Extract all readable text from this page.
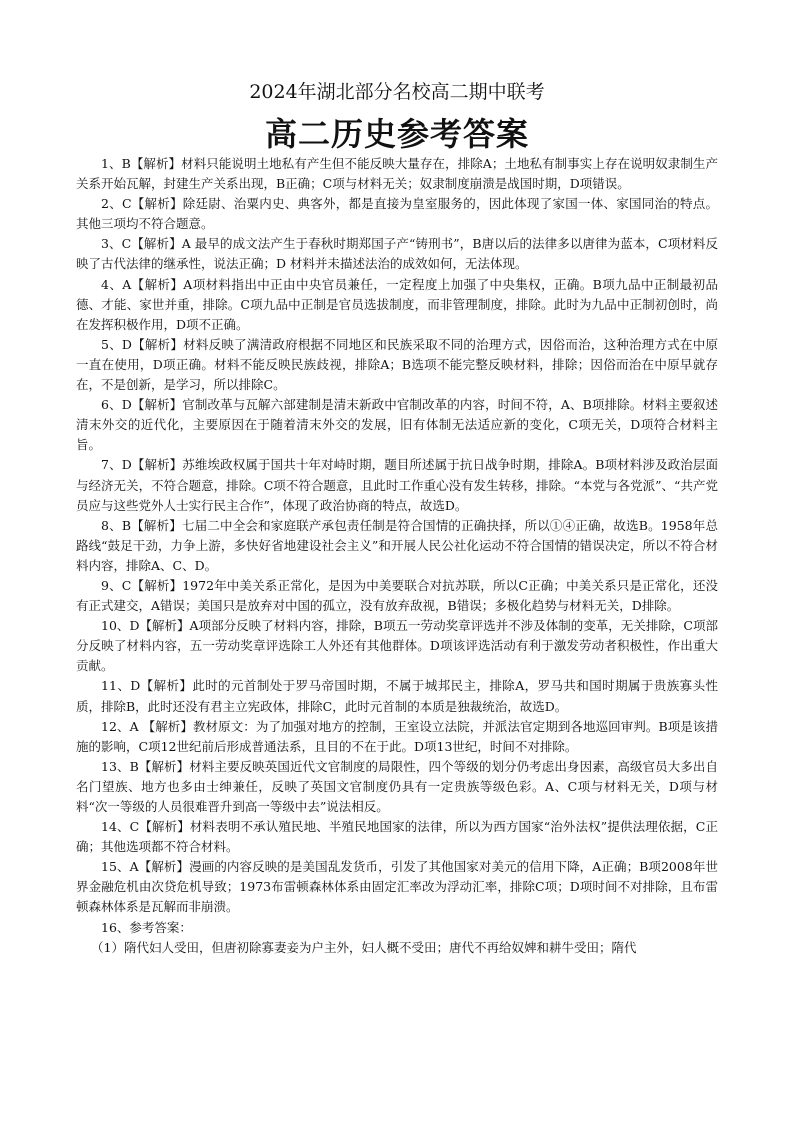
2024年湖北部分名校高二期中联考
高二历史参考答案

1、B【解析】材料只能说明土地私有产生但不能反映大量存在，排除A；土地私有制事实上存在说明奴隶制生产关系开始瓦解，封建生产关系出现，B正确；C项与材料无关；奴隶制度崩溃是战国时期，D项错误。

2、C【解析】除廷尉、治粟内史、典客外，都是直接为皇室服务的，因此体现了家国一体、家国同治的特点。其他三项均不符合题意。

3、C【解析】A 最早的成文法产生于春秋时期郑国子产“铸刑书”，B唐以后的法律多以唐律为蓝本，C项材料反映了古代法律的继承性，说法正确；D 材料并未描述法治的成效如何，无法体现。

4、A【解析】A项材料指出中正由中央官员兼任，一定程度上加强了中央集权，正确。B项九品中正制最初品德、才能、家世并重，排除。C项九品中正制是官员选拔制度，而非管理制度，排除。此时为九品中正制初创时，尚在发挥积极作用，D项不正确。

5、D【解析】材料反映了满清政府根据不同地区和民族采取不同的治理方式，因俗而治，这种治理方式在中原一直在使用，D项正确。材料不能反映民族歧视，排除A；B选项不能完整反映材料，排除；因俗而治在中原早就存在，不是创新，是学习，所以排除C。

6、D【解析】官制改革与瓦解六部建制是清末新政中官制改革的内容，时间不符，A、B项排除。材料主要叙述清末外交的近代化，主要原因在于随着清末外交的发展，旧有体制无法适应新的变化，C项无关，D项符合材料主旨。

7、D【解析】苏维埃政权属于国共十年对峙时期，题目所述属于抗日战争时期，排除A。B项材料涉及政治层面与经济无关，不符合题意，排除。C项不符合题意，且此时工作重心没有发生转移，排除。“本党与各党派”、“共产党员应与这些党外人士实行民主合作”，体现了政治协商的特点，故选D。

8、B【解析】七届二中全会和家庭联产承包责任制是符合国情的正确抉择，所以①④正确，故选B。1958年总路线“鼓足干劲，力争上游，多快好省地建设社会主义”和开展人民公社化运动不符合国情的错误决定，所以不符合材料内容，排除A、C、D。

9、C【解析】1972年中美关系正常化，是因为中美要联合对抗苏联，所以C正确；中美关系只是正常化，还没有正式建交，A错误；美国只是放弃对中国的孤立，没有放弃敌视，B错误；多极化趋势与材料无关，D排除。

10、D【解析】A项部分反映了材料内容，排除，B项五一劳动奖章评选并不涉及体制的变革，无关排除，C项部分反映了材料内容，五一劳动奖章评选除工人外还有其他群体。D项该评选活动有利于激发劳动者积极性，作出重大贡献。

11、D【解析】此时的元首制处于罗马帝国时期，不属于城邦民主，排除A，罗马共和国时期属于贵族寡头性质，排除B，此时还没有君主立宪政体，排除C，此时元首制的本质是独裁统治，故选D。

12、A 【解析】教材原文：为了加强对地方的控制，王室设立法院，并派法官定期到各地巡回审判。B项是该措施的影响，C项12世纪前后形成普通法系，且目的不在于此。D项13世纪，时间不对排除。

13、B【解析】材料主要反映英国近代文官制度的局限性，四个等级的划分仍考虑出身因素，高级官员大多出自名门望族、地方也多由士绅兼任，反映了英国文官制度仍具有一定贵族等级色彩。A、C项与材料无关，D项与材料“次一等级的人员很难晋升到高一等级中去”说法相反。

14、C【解析】材料表明不承认殖民地、半殖民地国家的法律，所以为西方国家“治外法权”提供法理依据，C正确；其他选项都不符合材料。

15、A【解析】漫画的内容反映的是美国乱发货币，引发了其他国家对美元的信用下降，A正确；B项2008年世界金融危机由次贷危机导致；1973布雷顿森林体系由固定汇率改为浮动汇率，排除C项；D项时间不对排除，且布雷顿森林体系是瓦解而非崩溃。

16、参考答案：

（1）隋代妇人受田，但唐初除寡妻妾为户主外，妇人概不受田；唐代不再给奴婢和耕牛受田；隋代
